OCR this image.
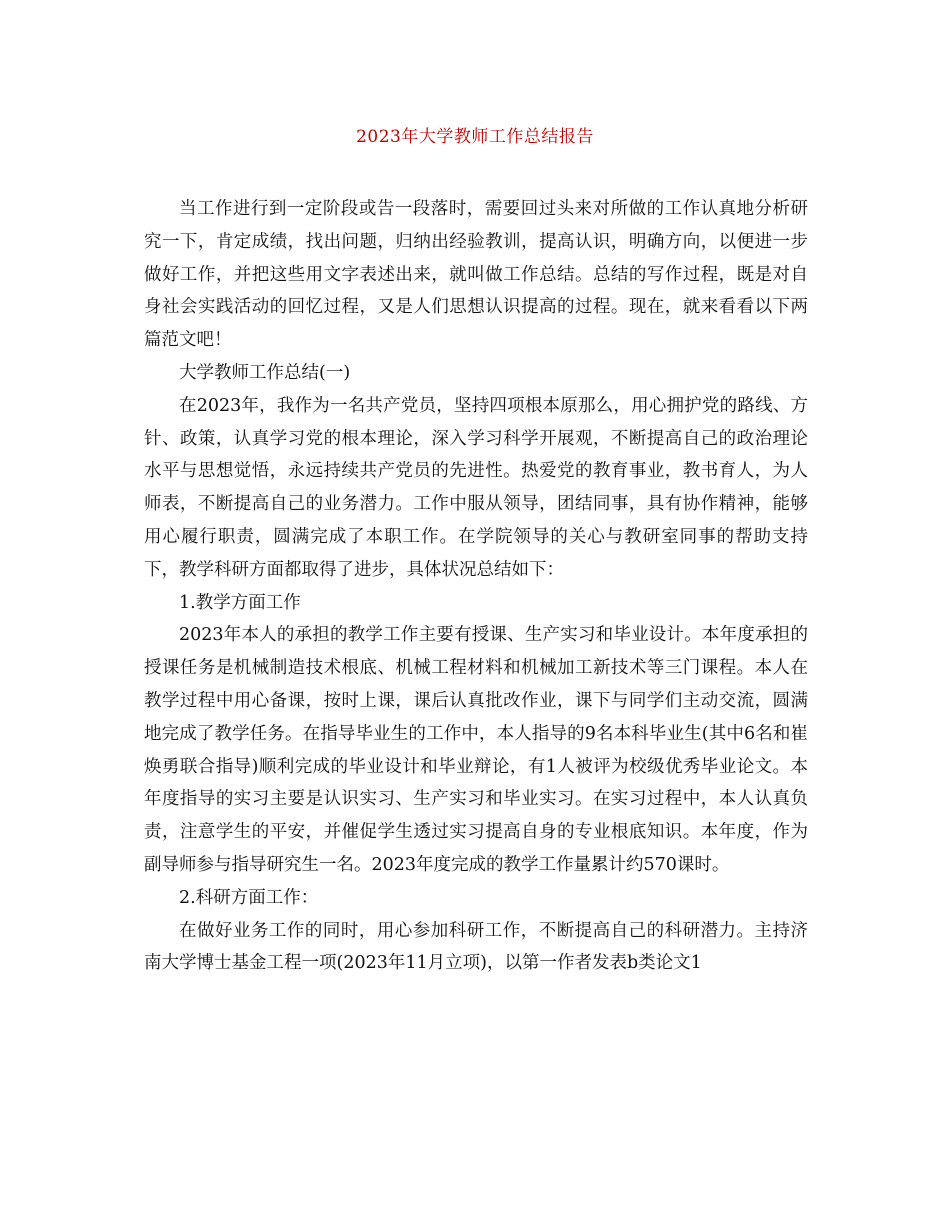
2023年大学教师工作总结报告

当工作进行到一定阶段或告一段落时，需要回过头来对所做的工作认真地分析研究一下，肯定成绩，找出问题，归纳出经验教训，提高认识，明确方向，以便进一步做好工作，并把这些用文字表述出来，就叫做工作总结。总结的写作过程，既是对自身社会实践活动的回忆过程，又是人们思想认识提高的过程。现在，就来看看以下两篇范文吧！

大学教师工作总结(一)

在2023年，我作为一名共产党员，坚持四项根本原那么，用心拥护党的路线、方针、政策，认真学习党的根本理论，深入学习科学开展观，不断提高自己的政治理论水平与思想觉悟，永远持续共产党员的先进性。热爱党的教育事业，教书育人，为人师表，不断提高自己的业务潜力。工作中服从领导，团结同事，具有协作精神，能够用心履行职责，圆满完成了本职工作。在学院领导的关心与教研室同事的帮助支持下，教学科研方面都取得了进步，具体状况总结如下：

1.教学方面工作

2023年本人的承担的教学工作主要有授课、生产实习和毕业设计。本年度承担的授课任务是机械制造技术根底、机械工程材料和机械加工新技术等三门课程。本人在教学过程中用心备课，按时上课，课后认真批改作业，课下与同学们主动交流，圆满地完成了教学任务。在指导毕业生的工作中，本人指导的9名本科毕业生(其中6名和崔焕勇联合指导)顺利完成的毕业设计和毕业辩论，有1人被评为校级优秀毕业论文。本年度指导的实习主要是认识实习、生产实习和毕业实习。在实习过程中，本人认真负责，注意学生的平安，并催促学生透过实习提高自身的专业根底知识。本年度，作为副导师参与指导研究生一名。2023年度完成的教学工作量累计约570课时。

2.科研方面工作：

在做好业务工作的同时，用心参加科研工作，不断提高自己的科研潜力。主持济南大学博士基金工程一项(2023年11月立项)，以第一作者发表b类论文1
